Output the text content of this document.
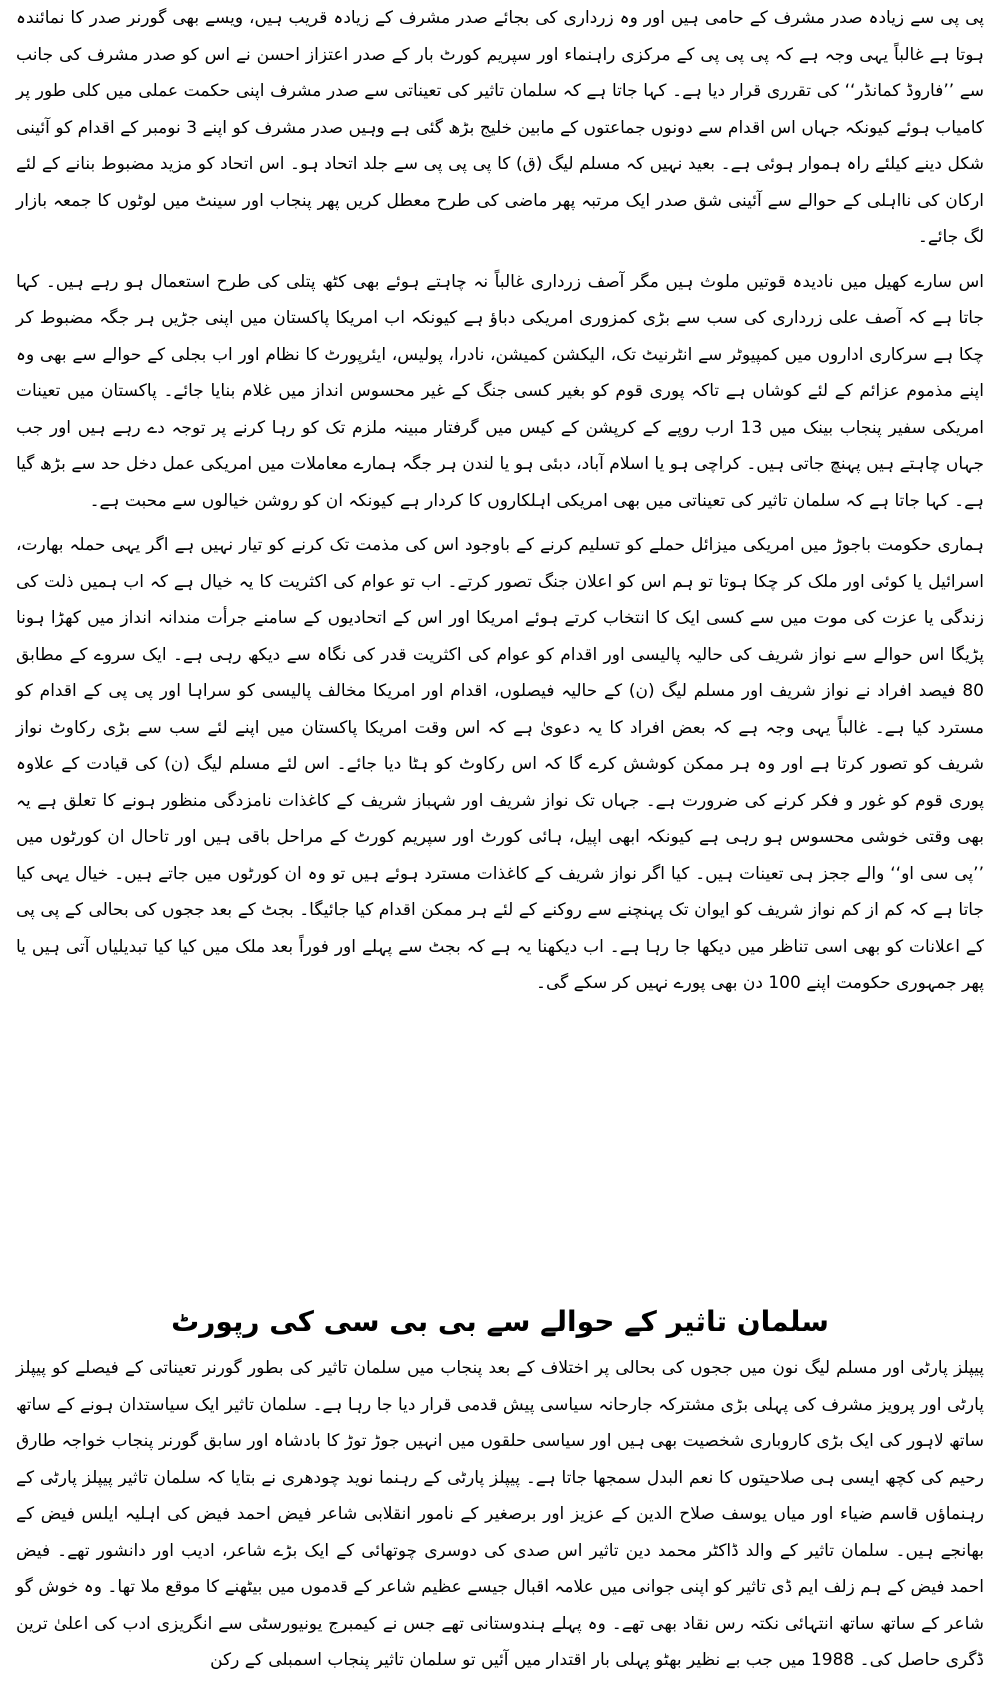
پی پی سے زیادہ صدر مشرف کے حامی ہیں اور وہ زرداری کی بجائے صدر مشرف کے زیادہ قریب ہیں، ویسے بھی گورنر صدر کا نمائندہ ہوتا ہے غالباً یہی وجہ ہے کہ پی پی پی کے مرکزی راہنماء اور سپریم کورٹ بار کے صدر اعتزاز احسن نے اس کو صدر مشرف کی جانب سے ’’فاروڈ کمانڈر‘‘ کی تقرری قرار دیا ہے۔ کہا جاتا ہے کہ سلمان تاثیر کی تعیناتی سے صدر مشرف اپنی حکمت عملی میں کلی طور پر کامیاب ہوئے کیونکہ جہاں اس اقدام سے دونوں جماعتوں کے مابین خلیج بڑھ گئی ہے وہیں صدر مشرف کو اپنے 3 نومبر کے اقدام کو آئینی شکل دینے کیلئے راہ ہموار ہوئی ہے۔ بعید نہیں کہ مسلم لیگ (ق) کا پی پی پی سے جلد اتحاد ہو۔ اس اتحاد کو مزید مضبوط بنانے کے لئے ارکان کی نااہلی کے حوالے سے آئینی شق صدر ایک مرتبہ پھر ماضی کی طرح معطل کریں پھر پنجاب اور سینٹ میں لوٹوں کا جمعہ بازار لگ جائے۔

اس سارے کھیل میں نادیدہ قوتیں ملوث ہیں مگر آصف زرداری غالباً نہ چاہتے ہوئے بھی کٹھ پتلی کی طرح استعمال ہو رہے ہیں۔ کہا جاتا ہے کہ آصف علی زرداری کی سب سے بڑی کمزوری امریکی دباؤ ہے کیونکہ اب امریکا پاکستان میں اپنی جڑیں ہر جگہ مضبوط کر چکا ہے سرکاری اداروں میں کمپیوٹر سے انٹرنیٹ تک، الیکشن کمیشن، نادرا، پولیس، ایئرپورٹ کا نظام اور اب بجلی کے حوالے سے بھی وہ اپنے مذموم عزائم کے لئے کوشاں ہے تاکہ پوری قوم کو بغیر کسی جنگ کے غیر محسوس انداز میں غلام بنایا جائے۔ پاکستان میں تعینات امریکی سفیر پنجاب بینک میں 13 ارب روپے کے کرپشن کے کیس میں گرفتار مبینہ ملزم تک کو رہا کرنے پر توجہ دے رہے ہیں اور جب جہاں چاہتے ہیں پہنچ جاتی ہیں۔ کراچی ہو یا اسلام آباد، دبئی ہو یا لندن ہر جگہ ہمارے معاملات میں امریکی عمل دخل حد سے بڑھ گیا ہے۔ کہا جاتا ہے کہ سلمان تاثیر کی تعیناتی میں بھی امریکی اہلکاروں کا کردار ہے کیونکہ ان کو روشن خیالوں سے محبت ہے۔

ہماری حکومت باجوڑ میں امریکی میزائل حملے کو تسلیم کرنے کے باوجود اس کی مذمت تک کرنے کو تیار نہیں ہے اگر یہی حملہ بھارت، اسرائیل یا کوئی اور ملک کر چکا ہوتا تو ہم اس کو اعلان جنگ تصور کرتے۔ اب تو عوام کی اکثریت کا یہ خیال ہے کہ اب ہمیں ذلت کی زندگی یا عزت کی موت میں سے کسی ایک کا انتخاب کرتے ہوئے امریکا اور اس کے اتحادیوں کے سامنے جرأت مندانہ انداز میں کھڑا ہونا پڑیگا اس حوالے سے نواز شریف کی حالیہ پالیسی اور اقدام کو عوام کی اکثریت قدر کی نگاہ سے دیکھ رہی ہے۔ ایک سروے کے مطابق 80 فیصد افراد نے نواز شریف اور مسلم لیگ (ن) کے حالیہ فیصلوں، اقدام اور امریکا مخالف پالیسی کو سراہا اور پی پی کے اقدام کو مسترد کیا ہے۔ غالباً یہی وجہ ہے کہ بعض افراد کا یہ دعویٰ ہے کہ اس وقت امریکا پاکستان میں اپنے لئے سب سے بڑی رکاوٹ نواز شریف کو تصور کرتا ہے اور وہ ہر ممکن کوشش کرے گا کہ اس رکاوٹ کو ہٹا دیا جائے۔ اس لئے مسلم لیگ (ن) کی قیادت کے علاوہ پوری قوم کو غور و فکر کرنے کی ضرورت ہے۔ جہاں تک نواز شریف اور شہباز شریف کے کاغذات نامزدگی منظور ہونے کا تعلق ہے یہ بھی وقتی خوشی محسوس ہو رہی ہے کیونکہ ابھی اپیل، ہائی کورٹ اور سپریم کورٹ کے مراحل باقی ہیں اور تاحال ان کورٹوں میں ’’پی سی او‘‘ والے ججز ہی تعینات ہیں۔ کیا اگر نواز شریف کے کاغذات مسترد ہوئے ہیں تو وہ ان کورٹوں میں جاتے ہیں۔ خیال یہی کیا جاتا ہے کہ کم از کم نواز شریف کو ایوان تک پہنچنے سے روکنے کے لئے ہر ممکن اقدام کیا جائیگا۔ بجٹ کے بعد ججوں کی بحالی کے پی پی کے اعلانات کو بھی اسی تناظر میں دیکھا جا رہا ہے۔ اب دیکھنا یہ ہے کہ بجٹ سے پہلے اور فوراً بعد ملک میں کیا کیا تبدیلیاں آتی ہیں یا پھر جمہوری حکومت اپنے 100 دن بھی پورے نہیں کر سکے گی۔

سلمان تاثیر کے حوالے سے بی بی سی کی رپورٹ

پیپلز پارٹی اور مسلم لیگ نون میں ججوں کی بحالی پر اختلاف کے بعد پنجاب میں سلمان تاثیر کی بطور گورنر تعیناتی کے فیصلے کو پیپلز پارٹی اور پرویز مشرف کی پہلی بڑی مشترکہ جارحانہ سیاسی پیش قدمی قرار دیا جا رہا ہے۔ سلمان تاثیر ایک سیاستدان ہونے کے ساتھ ساتھ لاہور کی ایک بڑی کاروباری شخصیت بھی ہیں اور سیاسی حلقوں میں انہیں جوڑ توڑ کا بادشاہ اور سابق گورنر پنجاب خواجہ طارق رحیم کی کچھ ایسی ہی صلاحیتوں کا نعم البدل سمجھا جاتا ہے۔ پیپلز پارٹی کے رہنما نوید چودھری نے بتایا کہ سلمان تاثیر پیپلز پارٹی کے رہنماؤں قاسم ضیاء اور میاں یوسف صلاح الدین کے عزیز اور برصغیر کے نامور انقلابی شاعر فیض احمد فیض کی اہلیہ ایلس فیض کے بھانجے ہیں۔ سلمان تاثیر کے والد ڈاکٹر محمد دین تاثیر اس صدی کی دوسری چوتھائی کے ایک بڑے شاعر، ادیب اور دانشور تھے۔ فیض احمد فیض کے ہم زلف ایم ڈی تاثیر کو اپنی جوانی میں علامہ اقبال جیسے عظیم شاعر کے قدموں میں بیٹھنے کا موقع ملا تھا۔ وہ خوش گو شاعر کے ساتھ ساتھ انتہائی نکتہ رس نقاد بھی تھے۔ وہ پہلے ہندوستانی تھے جس نے کیمبرج یونیورسٹی سے انگریزی ادب کی اعلیٰ ترین ڈگری حاصل کی۔ 1988 میں جب بے نظیر بھٹو پہلی بار اقتدار میں آئیں تو سلمان تاثیر پنجاب اسمبلی کے رکن
